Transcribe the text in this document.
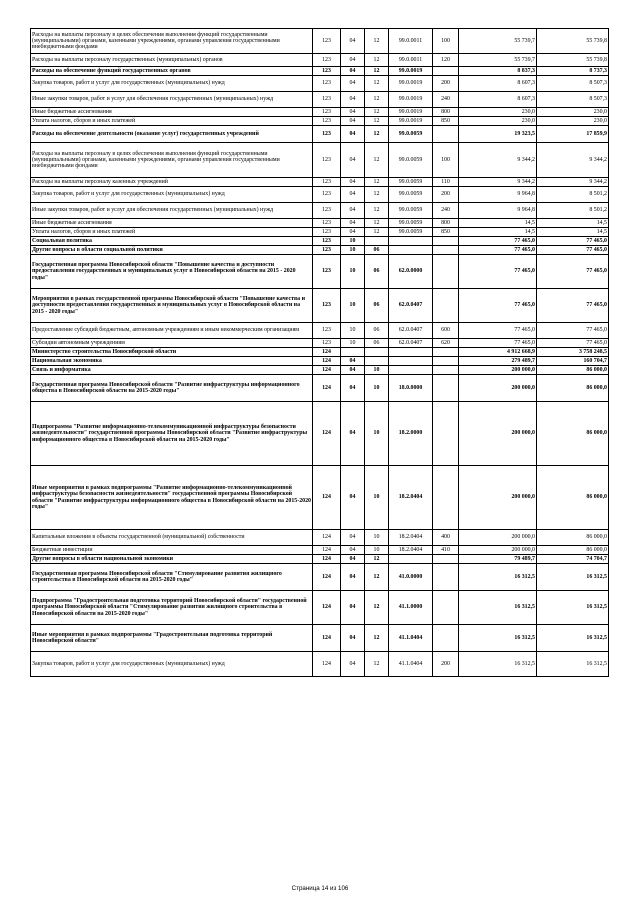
Расходы на выплаты персоналу в целях обеспечения выполнения функций государственными (муниципальными) органами, казенными учреждениями, органами управления государственными внебюджетными фондами	123	04	12	99.0.0011	100	55 739,7	55 739,8
Расходы на выплаты персоналу государственных (муниципальных) органов	123	04	12	99.0.0011	120	55 739,7	55 739,8
Расходы на обеспечение функций государственных органов	123	04	12	99.0.0019		8 837,3	8 737,3
Закупка товаров, работ и услуг для государственных (муниципальных) нужд	123	04	12	99.0.0019	200	8 607,3	8 507,3
Иные закупки товаров, работ и услуг для обеспечения государственных (муниципальных) нужд	123	04	12	99.0.0019	240	8 607,3	8 507,3
Иные бюджетные ассигнования	123	04	12	99.0.0019	800	230,0	230,0
Уплата налогов, сборов и иных платежей	123	04	12	99.0.0019	850	230,0	230,0
Расходы на обеспечение деятельности (оказание услуг) государственных учреждений	123	04	12	99.0.0059		19 323,5	17 859,9
Расходы на выплаты персоналу в целях обеспечения выполнения функций государственными (муниципальными) органами, казенными учреждениями, органами управления государственными внебюджетными фондами	123	04	12	99.0.0059	100	9 344,2	9 344,2
Расходы на выплаты персоналу казенных учреждений	123	04	12	99.0.0059	110	9 344,2	9 344,2
Закупка товаров, работ и услуг для государственных (муниципальных) нужд	123	04	12	99.0.0059	200	9 964,8	8 501,2
Иные закупки товаров, работ и услуг для обеспечения государственных (муниципальных) нужд	123	04	12	99.0.0059	240	9 964,8	8 501,2
Иные бюджетные ассигнования	123	04	12	99.0.0059	800	14,5	14,5
Уплата налогов, сборов и иных платежей	123	04	12	99.0.0059	850	14,5	14,5
Социальная политика	123	10				77 465,0	77 465,0
Другие вопросы в области социальной политики	123	10	06			77 465,0	77 465,0
Государственная программа Новосибирской области "Повышение качества и доступности предоставления государственных и муниципальных услуг в Новосибирской области на 2015 - 2020 годы"	123	10	06	62.0.0000		77 465,0	77 465,0
Мероприятия в рамках государственной программы Новосибирской области "Повышение качества и доступности предоставления государственных и муниципальных услуг в Новосибирской области на 2015 - 2020 годы"	123	10	06	62.0.0407		77 465,0	77 465,0
Предоставление субсидий бюджетным, автономным учреждениям и иным некоммерческим организациям	123	10	06	62.0.0407	600	77 465,0	77 465,0
Субсидии автономным учреждениям	123	10	06	62.0.0407	620	77 465,0	77 465,0
Министерство строительства Новосибирской области	124					4 912 668,9	3 758 248,5
Национальная экономика	124	04				279 489,7	160 704,7
Связь и информатика	124	04	10			200 000,0	86 000,0
Государственная программа Новосибирской области "Развитие инфраструктуры информационного общества в Новосибирской области на 2015-2020 годы"	124	04	10	18.0.0000		200 000,0	86 000,0
Подпрограмма "Развитие информационно-телекоммуникационной инфраструктуры безопасности жизнедеятельности" государственной программы Новосибирской области "Развитие инфраструктуры информационного общества в Новосибирской области на 2015-2020 годы"	124	04	10	18.2.0000		200 000,0	86 000,0
Иные мероприятия в рамках подпрограммы "Развитие информационно-телекоммуникационной инфраструктуры безопасности жизнедеятельности" государственной программы Новосибирской области "Развитие инфраструктуры информационного общества в Новосибирской области на 2015-2020 годы"	124	04	10	18.2.0404		200 000,0	86 000,0
Капитальные вложения в объекты государственной (муниципальной) собственности	124	04	10	18.2.0404	400	200 000,0	86 000,0
Бюджетные инвестиции	124	04	10	18.2.0404	410	200 000,0	86 000,0
Другие вопросы в области национальной экономики	124	04	12			79 489,7	74 704,7
Государственная программа Новосибирской области "Стимулирование развития жилищного строительства в Новосибирской области на 2015-2020 годы"	124	04	12	41.0.0000		16 312,5	16 312,5
Подпрограмма "Градостроительная подготовка территорий Новосибирской области" государственной программы Новосибирской области "Стимулирование развития жилищного строительства в Новосибирской области на 2015-2020 годы"	124	04	12	41.1.0000		16 312,5	16 312,5
Иные мероприятия в рамках подпрограммы "Градостроительная подготовка территорий Новосибирской области"	124	04	12	41.1.0404		16 312,5	16 312,5
Закупка товаров, работ и услуг для государственных (муниципальных) нужд	124	04	12	41.1.0404	200	16 312,5	16 312,5
Страница 14 из 106
